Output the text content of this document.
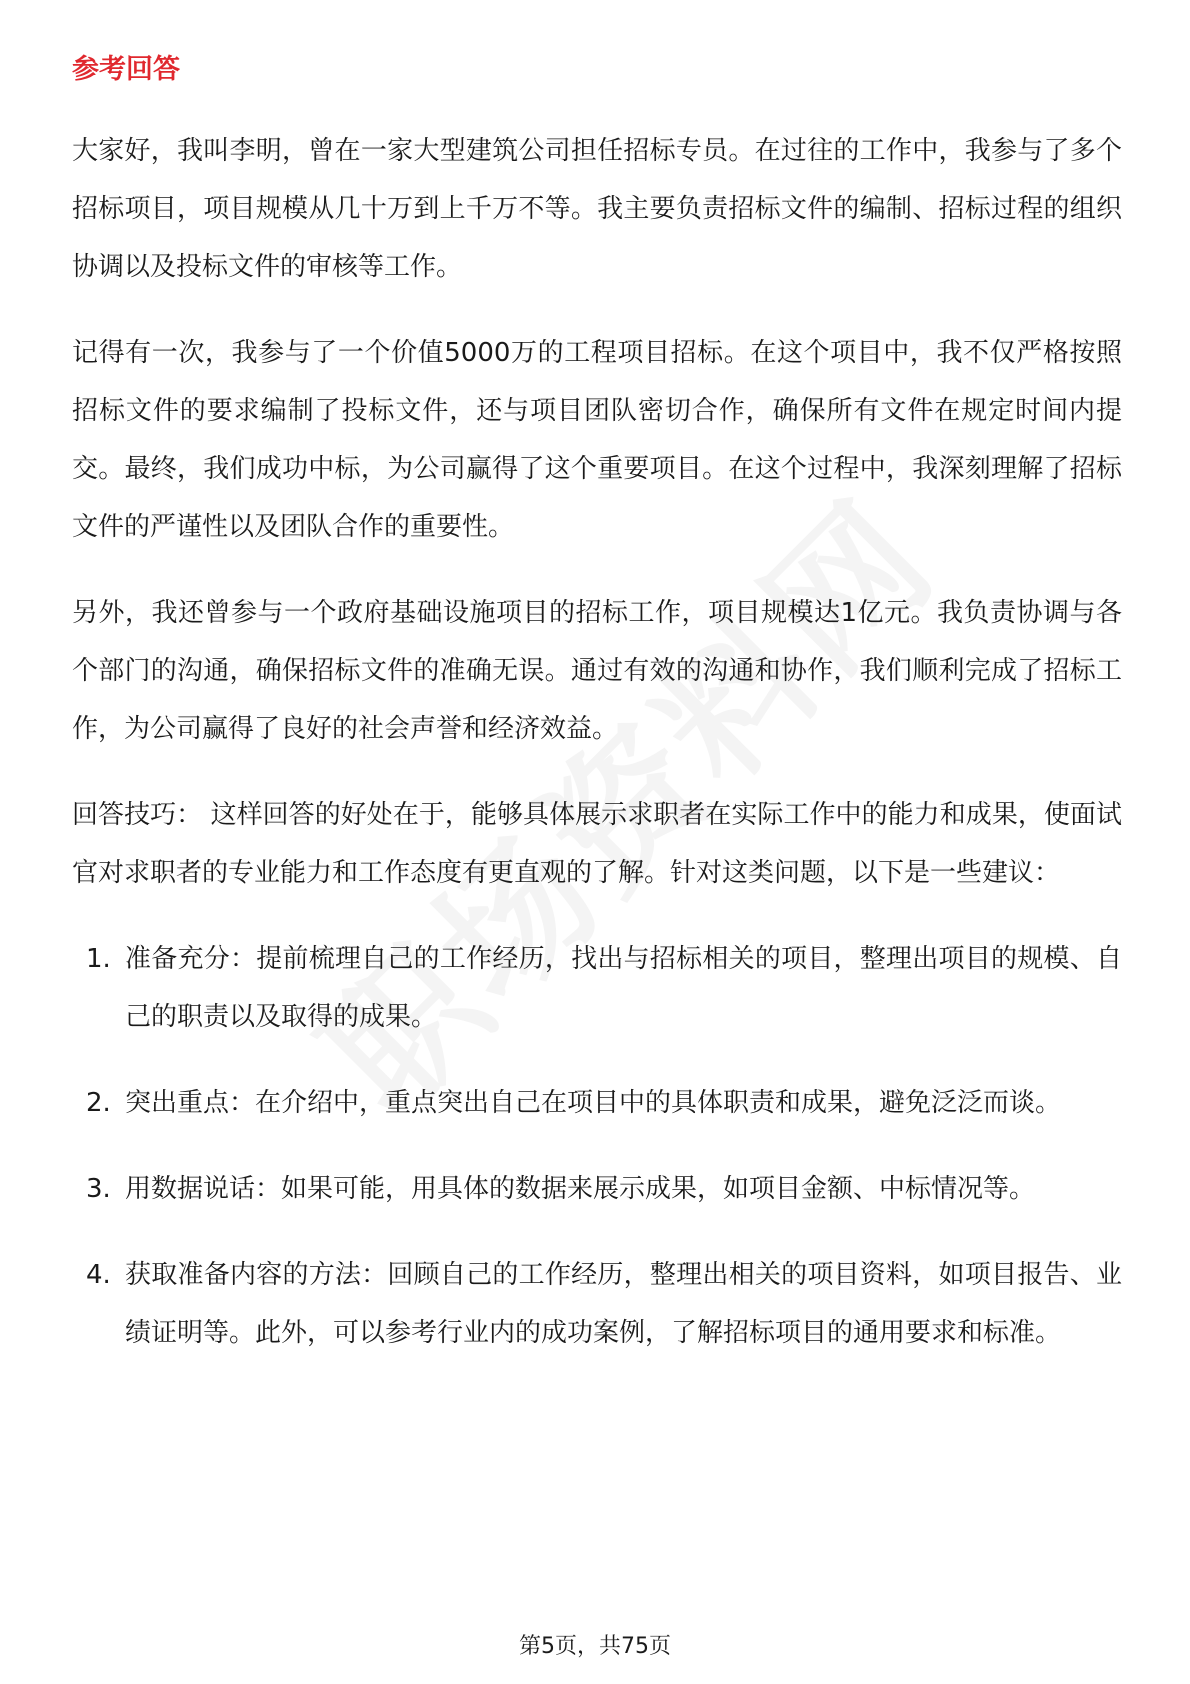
参考回答

大家好，我叫李明，曾在一家大型建筑公司担任招标专员。在过往的工作中，我参与了多个招标项目，项目规模从几十万到上千万不等。我主要负责招标文件的编制、招标过程的组织协调以及投标文件的审核等工作。

记得有一次，我参与了一个价值5000万的工程项目招标。在这个项目中，我不仅严格按照招标文件的要求编制了投标文件，还与项目团队密切合作，确保所有文件在规定时间内提交。最终，我们成功中标，为公司赢得了这个重要项目。在这个过程中，我深刻理解了招标文件的严谨性以及团队合作的重要性。

另外，我还曾参与一个政府基础设施项目的招标工作，项目规模达1亿元。我负责协调与各个部门的沟通，确保招标文件的准确无误。通过有效的沟通和协作，我们顺利完成了招标工作，为公司赢得了良好的社会声誉和经济效益。

回答技巧： 这样回答的好处在于，能够具体展示求职者在实际工作中的能力和成果，使面试官对求职者的专业能力和工作态度有更直观的了解。针对这类问题，以下是一些建议：

1. 准备充分：提前梳理自己的工作经历，找出与招标相关的项目，整理出项目的规模、自己的职责以及取得的成果。
2. 突出重点：在介绍中，重点突出自己在项目中的具体职责和成果，避免泛泛而谈。
3. 用数据说话：如果可能，用具体的数据来展示成果，如项目金额、中标情况等。
4. 获取准备内容的方法：回顾自己的工作经历，整理出相关的项目资料，如项目报告、业绩证明等。此外，可以参考行业内的成功案例，了解招标项目的通用要求和标准。
第5页，共75页
